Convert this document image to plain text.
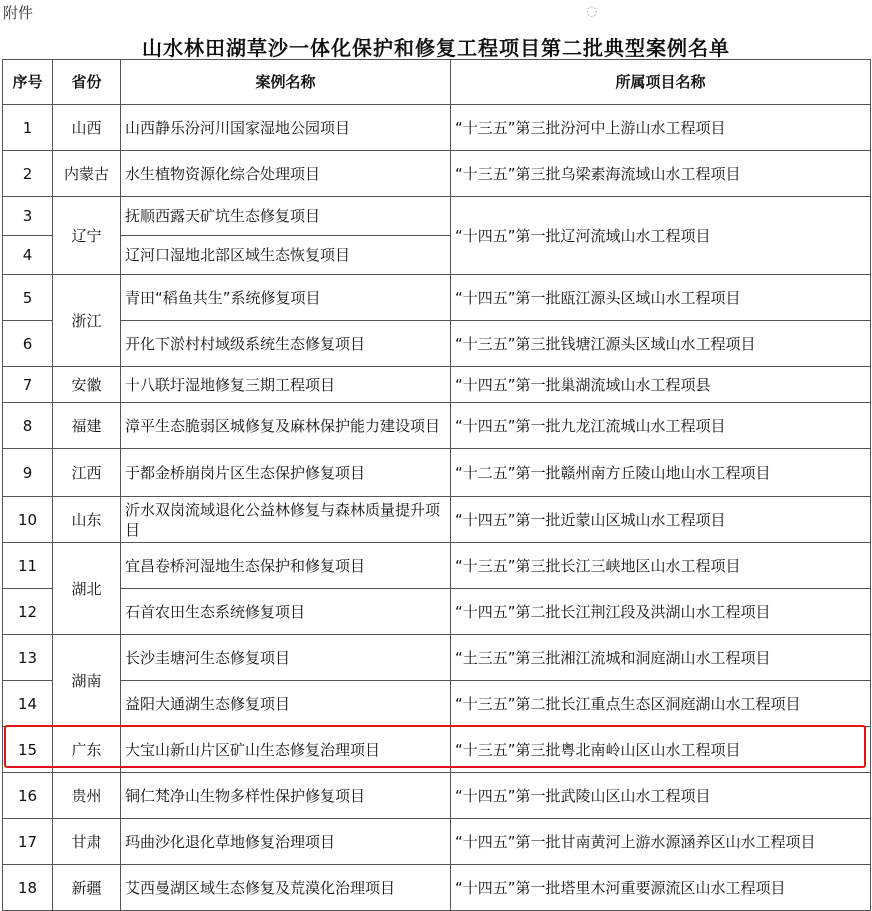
附件	◌
山水林田湖草沙一体化保护和修复工程项目第二批典型案例名单
序号	省份	案例名称	所属项目名称
1	山西	山西静乐汾河川国家湿地公园项目	“十三五”第三批汾河中上游山水工程项目
2	内蒙古	水生植物资源化综合处理项目	“十三五”第三批乌梁素海流域山水工程项目
3	辽宁	抚顺西露天矿坑生态修复项目	“十四五”第一批辽河流域山水工程项目
4		辽河口湿地北部区域生态恢复项目	
5	浙江	青田“稻鱼共生”系统修复项目	“十四五”第一批瓯江源头区域山水工程项目
6		开化下淤村村域级系统生态修复项目	“十三五”第三批钱塘江源头区域山水工程项目
7	安徽	十八联圩湿地修复三期工程项目	“十四五”第一批巢湖流域山水工程项县
8	福建	漳平生态脆弱区城修复及麻林保护能力建设项目	“十四五”第一批九龙江流城山水工程项目
9	江西	于都金桥崩岗片区生态保护修复项目	“十二五”第一批赣州南方丘陵山地山水工程项目
10	山东	沂水双岗流域退化公益林修复与森林质量提升项目	“十四五”第一批近蒙山区城山水工程项目
11	湖北	宜昌卷桥河湿地生态保护和修复项目	“十三五”第三批长江三峡地区山水工程项目
12		石首农田生态系统修复项目	“十四五”第二批长江荆江段及洪湖山水工程项目
13	湖南	长沙圭塘河生态修复项目	“土三五”第三批湘江流城和洞庭湖山水工程项目
14		益阳大通湖生态修复项目	“十三五”第二批长江重点生态区洞庭湖山水工程项目
15	广东	大宝山新山片区矿山生态修复治理项目	“十三五”第三批粤北南岭山区山水工程项目
16	贵州	铜仁梵净山生物多样性保护修复项目	“十四五”第一批武陵山区山水工程项目
17	甘肃	玛曲沙化退化草地修复治理项目	“十四五”第一批甘南黄河上游水源涵养区山水工程项目
18	新疆	艾西曼湖区域生态修复及荒漠化治理项目	“十四五”第一批塔里木河重要源流区山水工程项目
